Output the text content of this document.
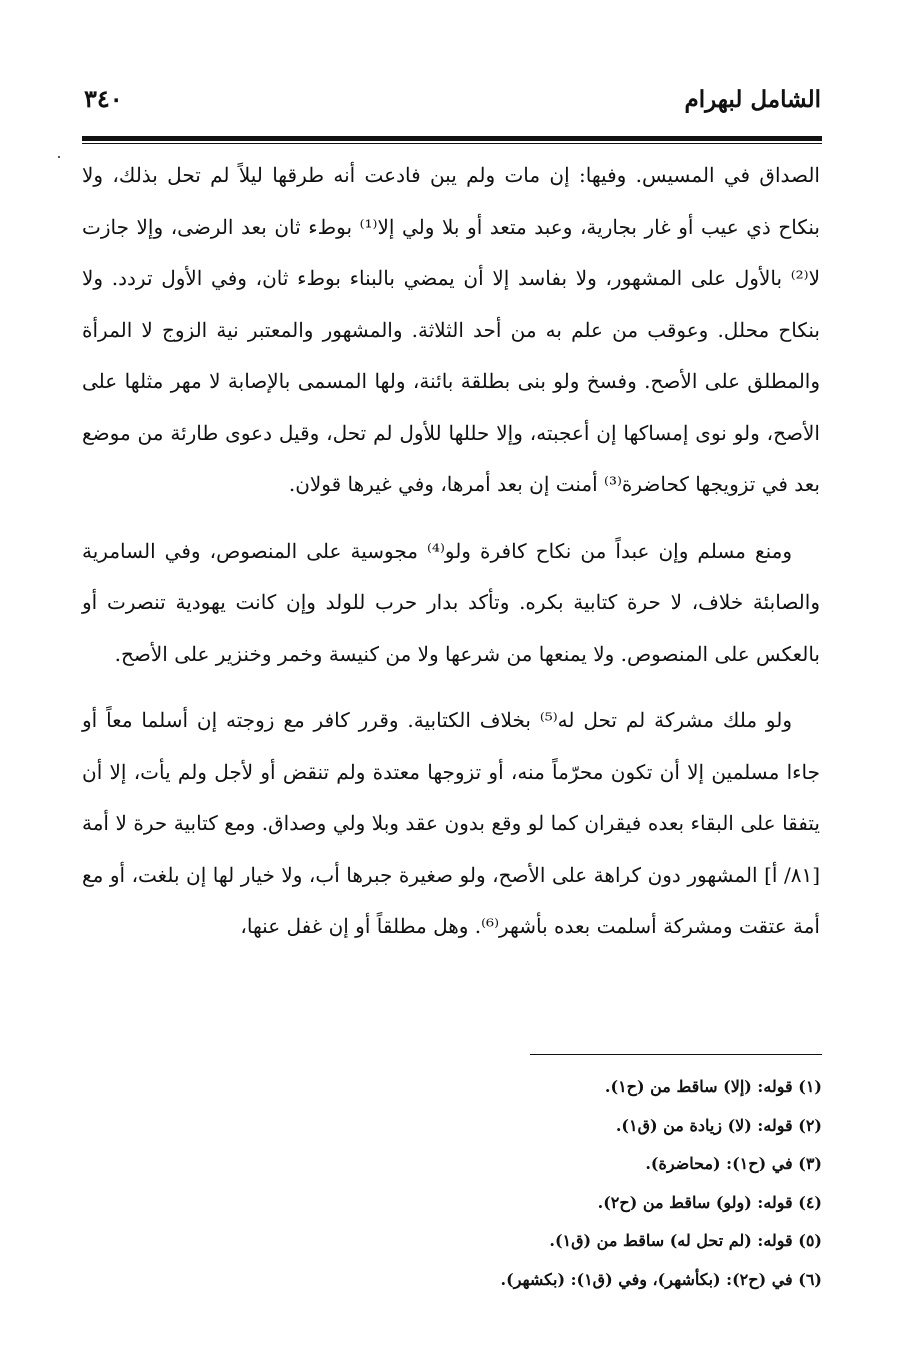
الشامل لبهرام
٣٤٠

الصداق في المسيس. وفيها: إن مات ولم يبن فادعت أنه طرقها ليلاً لم تحل بذلك، ولا بنكاح ذي عيب أو غار بجارية، وعبد متعد أو بلا ولي إلا⁽¹⁾ بوطء ثان بعد الرضى، وإلا جازت لا⁽²⁾ بالأول على المشهور، ولا بفاسد إلا أن يمضي بالبناء بوطء ثان، وفي الأول تردد. ولا بنكاح محلل. وعوقب من علم به من أحد الثلاثة. والمشهور والمعتبر نية الزوج لا المرأة والمطلق على الأصح. وفسخ ولو بنى بطلقة بائنة، ولها المسمى بالإصابة لا مهر مثلها على الأصح، ولو نوى إمساكها إن أعجبته، وإلا حللها للأول لم تحل، وقيل دعوى طارئة من موضع بعد في تزويجها كحاضرة⁽³⁾ أمنت إن بعد أمرها، وفي غيرها قولان.

ومنع مسلم وإن عبداً من نكاح كافرة ولو⁽⁴⁾ مجوسية على المنصوص، وفي السامرية والصابئة خلاف، لا حرة كتابية بكره. وتأكد بدار حرب للولد وإن كانت يهودية تنصرت أو بالعكس على المنصوص. ولا يمنعها من شرعها ولا من كنيسة وخمر وخنزير على الأصح.

ولو ملك مشركة لم تحل له⁽⁵⁾ بخلاف الكتابية. وقرر كافر مع زوجته إن أسلما معاً أو جاءا مسلمين إلا أن تكون محرّماً منه، أو تزوجها معتدة ولم تنقض أو لأجل ولم يأت، إلا أن يتفقا على البقاء بعده فيقران كما لو وقع بدون عقد وبلا ولي وصداق. ومع كتابية حرة لا أمة [٨١/ أ] المشهور دون كراهة على الأصح، ولو صغيرة جبرها أب، ولا خيار لها إن بلغت، أو مع أمة عتقت ومشركة أسلمت بعده بأشهر⁽⁶⁾. وهل مطلقاً أو إن غفل عنها،

(١) قوله: (إلا) ساقط من (ح١).
(٢) قوله: (لا) زيادة من (ق١).
(٣) في (ح١): (محاضرة).
(٤) قوله: (ولو) ساقط من (ح٢).
(٥) قوله: (لم تحل له) ساقط من (ق١).
(٦) في (ح٢): (بكأشهر)، وفي (ق١): (بكشهر).
